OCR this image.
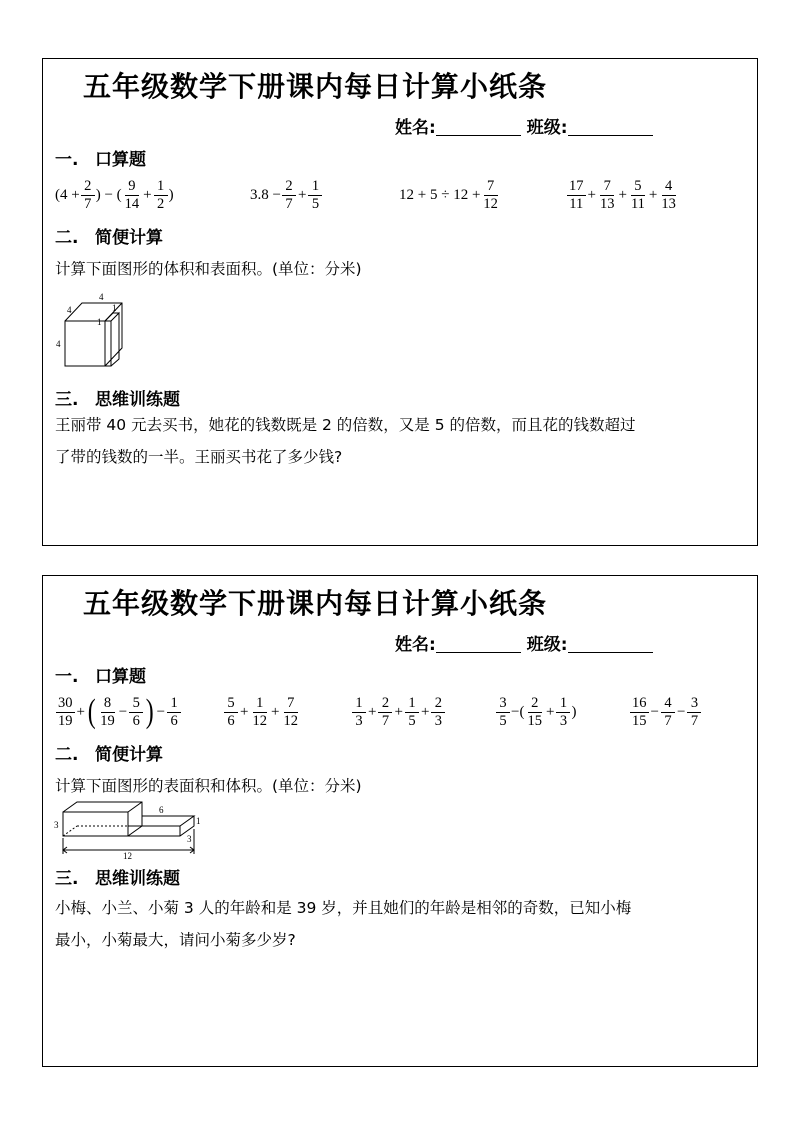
五年级数学下册课内每日计算小纸条
姓名:	班级:
一. 口算题
($4 + \frac{2}{7}$ ) − ( $\frac{9}{14} + \frac{1}{2}$ )	$3.8 - \frac{2}{7} + \frac{1}{5}$	$12 + 5 \div 12 + \frac{7}{12}$	$\frac{17}{11} + \frac{7}{13} + \frac{5}{11} + \frac{4}{13}$
二. 简便计算
计算下面图形的体积和表面积。(单位：分米)
4
4
1
1
4
三. 思维训练题
王丽带 40 元去买书，她花的钱数既是 2 的倍数，又是 5 的倍数，而且花的钱数超过
了带的钱数的一半。王丽买书花了多少钱?
五年级数学下册课内每日计算小纸条
姓名:	班级:
一. 口算题
$\frac{30}{19}$ + ( $\frac{8}{19} - \frac{5}{6}$ ) − $\frac{1}{6}$	$\frac{5}{6} + \frac{1}{12} + \frac{7}{12}$	$\frac{1}{3} + \frac{2}{7} + \frac{1}{5} + \frac{2}{3}$	$\frac{3}{5}$ −( $\frac{2}{15} + \frac{1}{3}$ )	$\frac{16}{15} - \frac{4}{7} - \frac{3}{7}$
二. 简便计算
计算下面图形的表面积和体积。(单位：分米)
3
6
1
3
12
三. 思维训练题
小梅、小兰、小菊 3 人的年龄和是 39 岁，并且她们的年龄是相邻的奇数，已知小梅
最小，小菊最大，请问小菊多少岁?
